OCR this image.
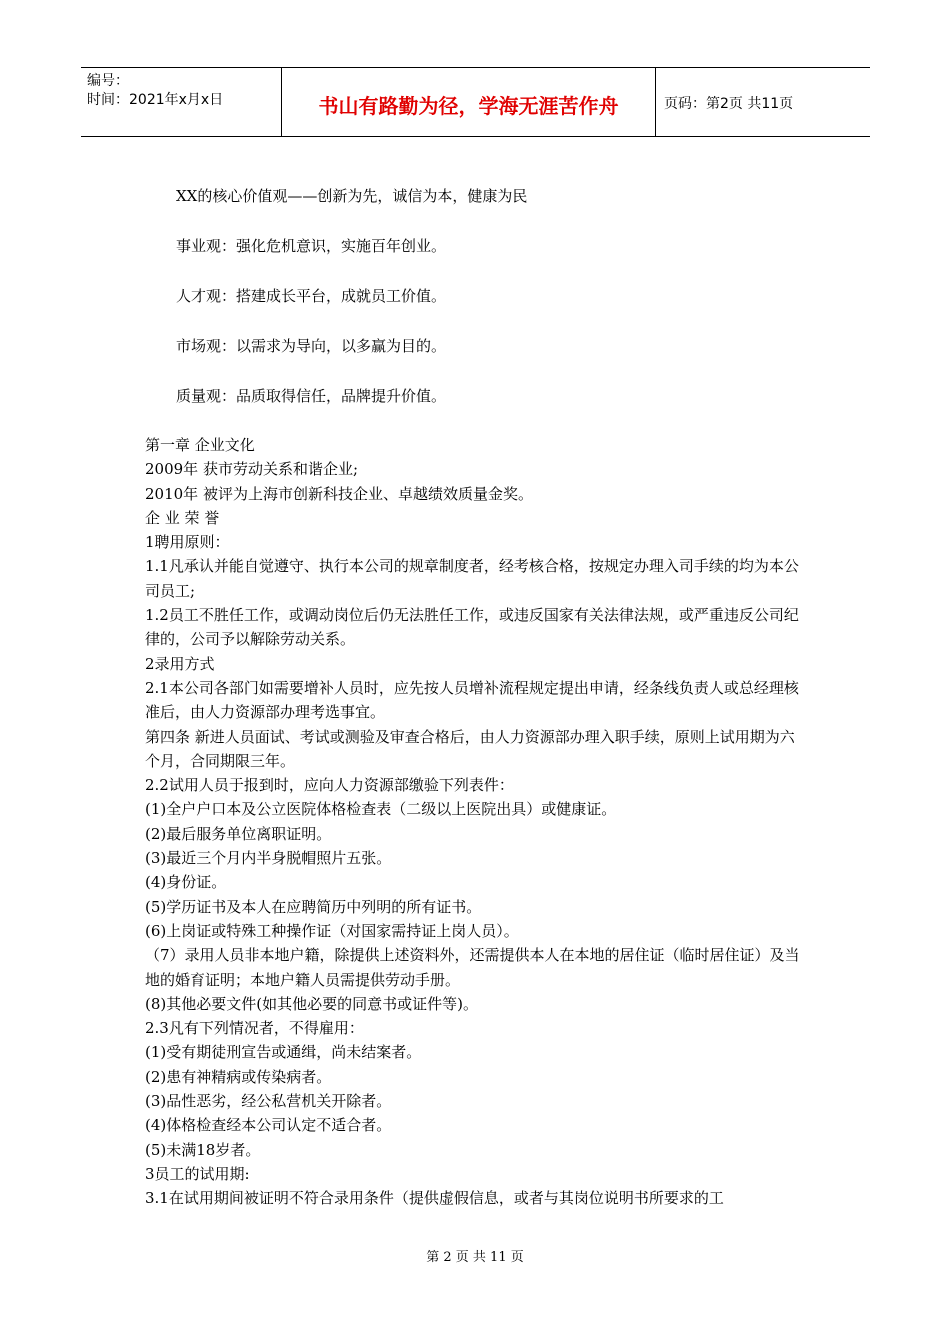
编号：
时间：2021年x月x日	书山有路勤为径，学海无涯苦作舟	页码：第2页 共11页
XX的核心价值观——创新为先，诚信为本，健康为民
事业观：强化危机意识，实施百年创业。
人才观：搭建成长平台，成就员工价值。
市场观：以需求为导向，以多赢为目的。
质量观：品质取得信任，品牌提升价值。

第一章 企业文化

2009年 获市劳动关系和谐企业;

2010年 被评为上海市创新科技企业、卓越绩效质量金奖。

企 业 荣 誉

1聘用原则：

1.1凡承认并能自觉遵守、执行本公司的规章制度者，经考核合格，按规定办理入司手续的均为本公司员工;

1.2员工不胜任工作，或调动岗位后仍无法胜任工作，或违反国家有关法律法规，或严重违反公司纪律的，公司予以解除劳动关系。

2录用方式

2.1本公司各部门如需要增补人员时，应先按人员增补流程规定提出申请，经条线负责人或总经理核准后，由人力资源部办理考选事宜。

第四条 新进人员面试、考试或测验及审查合格后，由人力资源部办理入职手续，原则上试用期为六个月，合同期限三年。

2.2试用人员于报到时，应向人力资源部缴验下列表件：

(1)全户户口本及公立医院体格检查表（二级以上医院出具）或健康证。

(2)最后服务单位离职证明。

(3)最近三个月内半身脱帽照片五张。

(4)身份证。

(5)学历证书及本人在应聘简历中列明的所有证书。

(6)上岗证或特殊工种操作证（对国家需持证上岗人员）。

（7）录用人员非本地户籍，除提供上述资料外，还需提供本人在本地的居住证（临时居住证）及当地的婚育证明；本地户籍人员需提供劳动手册。

(8)其他必要文件(如其他必要的同意书或证件等)。

2.3凡有下列情况者，不得雇用：

(1)受有期徒刑宣告或通缉，尚未结案者。

(2)患有神精病或传染病者。

(3)品性恶劣，经公私营机关开除者。

(4)体格检查经本公司认定不适合者。

(5)未满18岁者。

3员工的试用期:

3.1在试用期间被证明不符合录用条件（提供虚假信息，或者与其岗位说明书所要求的工

第 2 页 共 11 页
